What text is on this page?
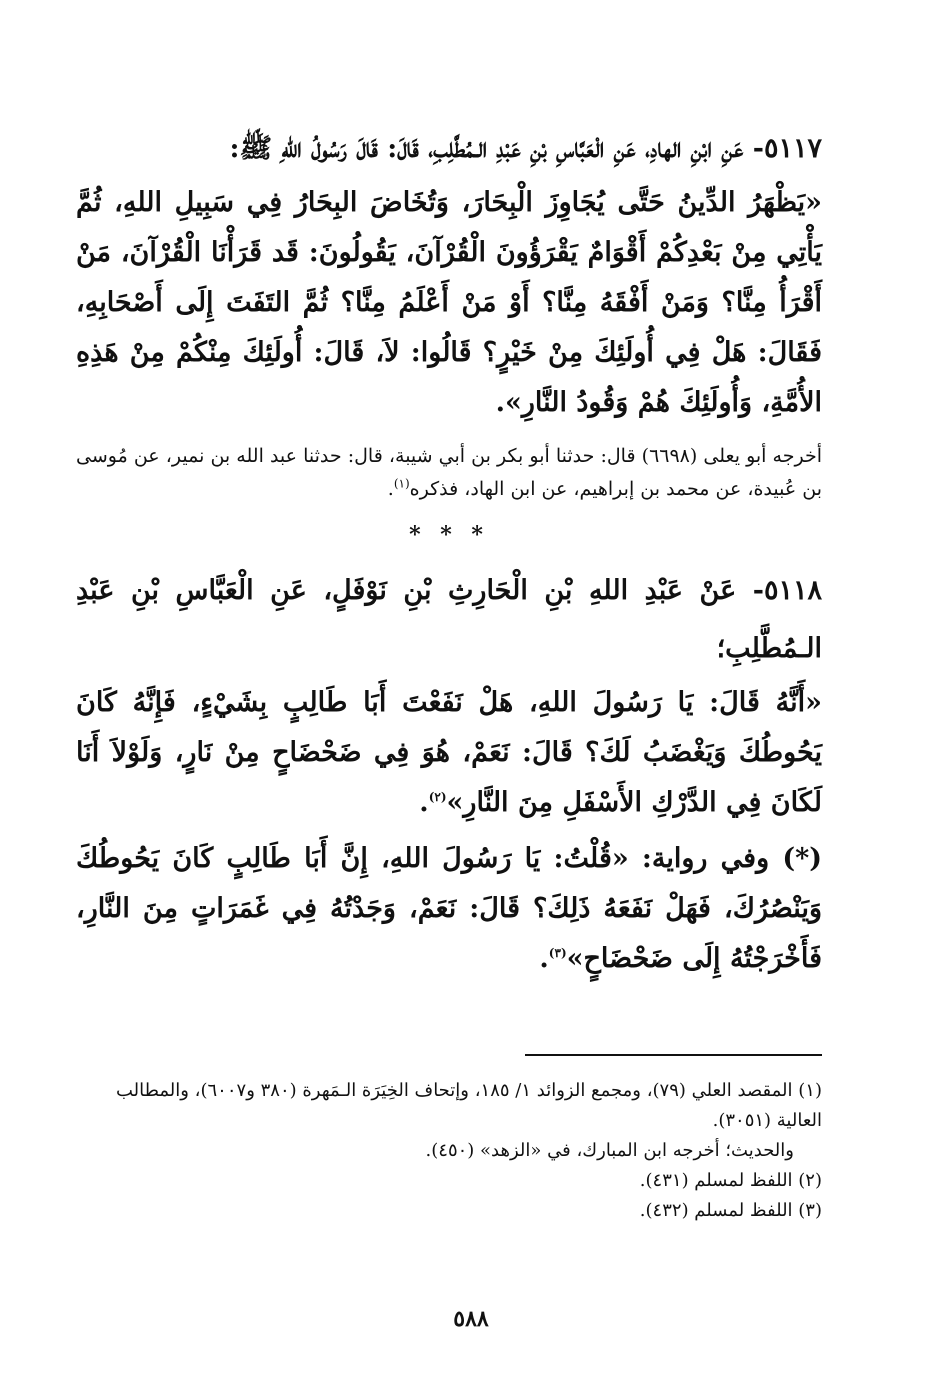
٥١١٧- عَنِ ابْنِ الهادِ، عَنِ الْعَبَّاسِ بْنِ عَبْدِ الـمُطَّلِبِ، قَالَ: قَالَ رَسُولُ اللهِ ﷺ:

«يَظْهَرُ الدِّينُ حَتَّى يُجَاوِزَ الْبِحَارَ، وَتُخَاضَ البِحَارُ فِي سَبِيلِ اللهِ، ثُمَّ يَأْتِي مِنْ بَعْدِكُمْ أَقْوَامٌ يَقْرَؤُونَ الْقُرْآنَ، يَقُولُونَ: قَد قَرَأْنَا الْقُرْآنَ، مَنْ أَقْرَأُ مِنَّا؟ وَمَنْ أَفْقَهُ مِنَّا؟ أَوْ مَنْ أَعْلَمُ مِنَّا؟ ثُمَّ التَفَتَ إِلَى أَصْحَابِهِ، فَقَالَ: هَلْ فِي أُولَئِكَ مِنْ خَيْرٍ؟ قَالُوا: لاَ، قَالَ: أُولَئِكَ مِنْكُمْ مِنْ هَذِهِ الأُمَّةِ، وَأُولَئِكَ هُمْ وَقُودُ النَّارِ».

أخرجه أبو يعلى (٦٦٩٨) قال: حدثنا أبو بكر بن أبي شيبة، قال: حدثنا عبد الله بن نمير، عن مُوسى بن عُبيدة، عن محمد بن إبراهيم، عن ابن الهاد، فذكره$^{(١)}$.

* * *

٥١١٨- عَنْ عَبْدِ اللهِ بْنِ الْحَارِثِ بْنِ نَوْفَلٍ، عَنِ الْعَبَّاسِ بْنِ عَبْدِ الـمُطَّلِبِ؛

«أَنَّهُ قَالَ: يَا رَسُولَ اللهِ، هَلْ نَفَعْتَ أَبَا طَالِبٍ بِشَيْءٍ، فَإِنَّهُ كَانَ يَحُوطُكَ وَيَغْضَبُ لَكَ؟ قَالَ: نَعَمْ، هُوَ فِي ضَحْضَاحٍ مِنْ نَارٍ، وَلَوْلاَ أَنَا لَكَانَ فِي الدَّرْكِ الأَسْفَلِ مِنَ النَّارِ»$^{(٢)}$.

(*) وفي رواية: «قُلْتُ: يَا رَسُولَ اللهِ، إِنَّ أَبَا طَالِبٍ كَانَ يَحُوطُكَ وَيَنْصُرُكَ، فَهَلْ نَفَعَهُ ذَلِكَ؟ قَالَ: نَعَمْ، وَجَدْتُهُ فِي غَمَرَاتٍ مِنَ النَّارِ، فَأَخْرَجْتُهُ إِلَى ضَحْضَاحٍ»$^{(٣)}$.

(١) المقصد العلي (٧٩)، ومجمع الزوائد ١/ ١٨٥، وإتحاف الخِيَرَة الـمَهرة (٣٨٠ و٦٠٠٧)، والمطالب العالية (٣٠٥١).

والحديث؛ أخرجه ابن المبارك، في «الزهد» (٤٥٠).

(٢) اللفظ لمسلم (٤٣١).

(٣) اللفظ لمسلم (٤٣٢).

٥٨٨
